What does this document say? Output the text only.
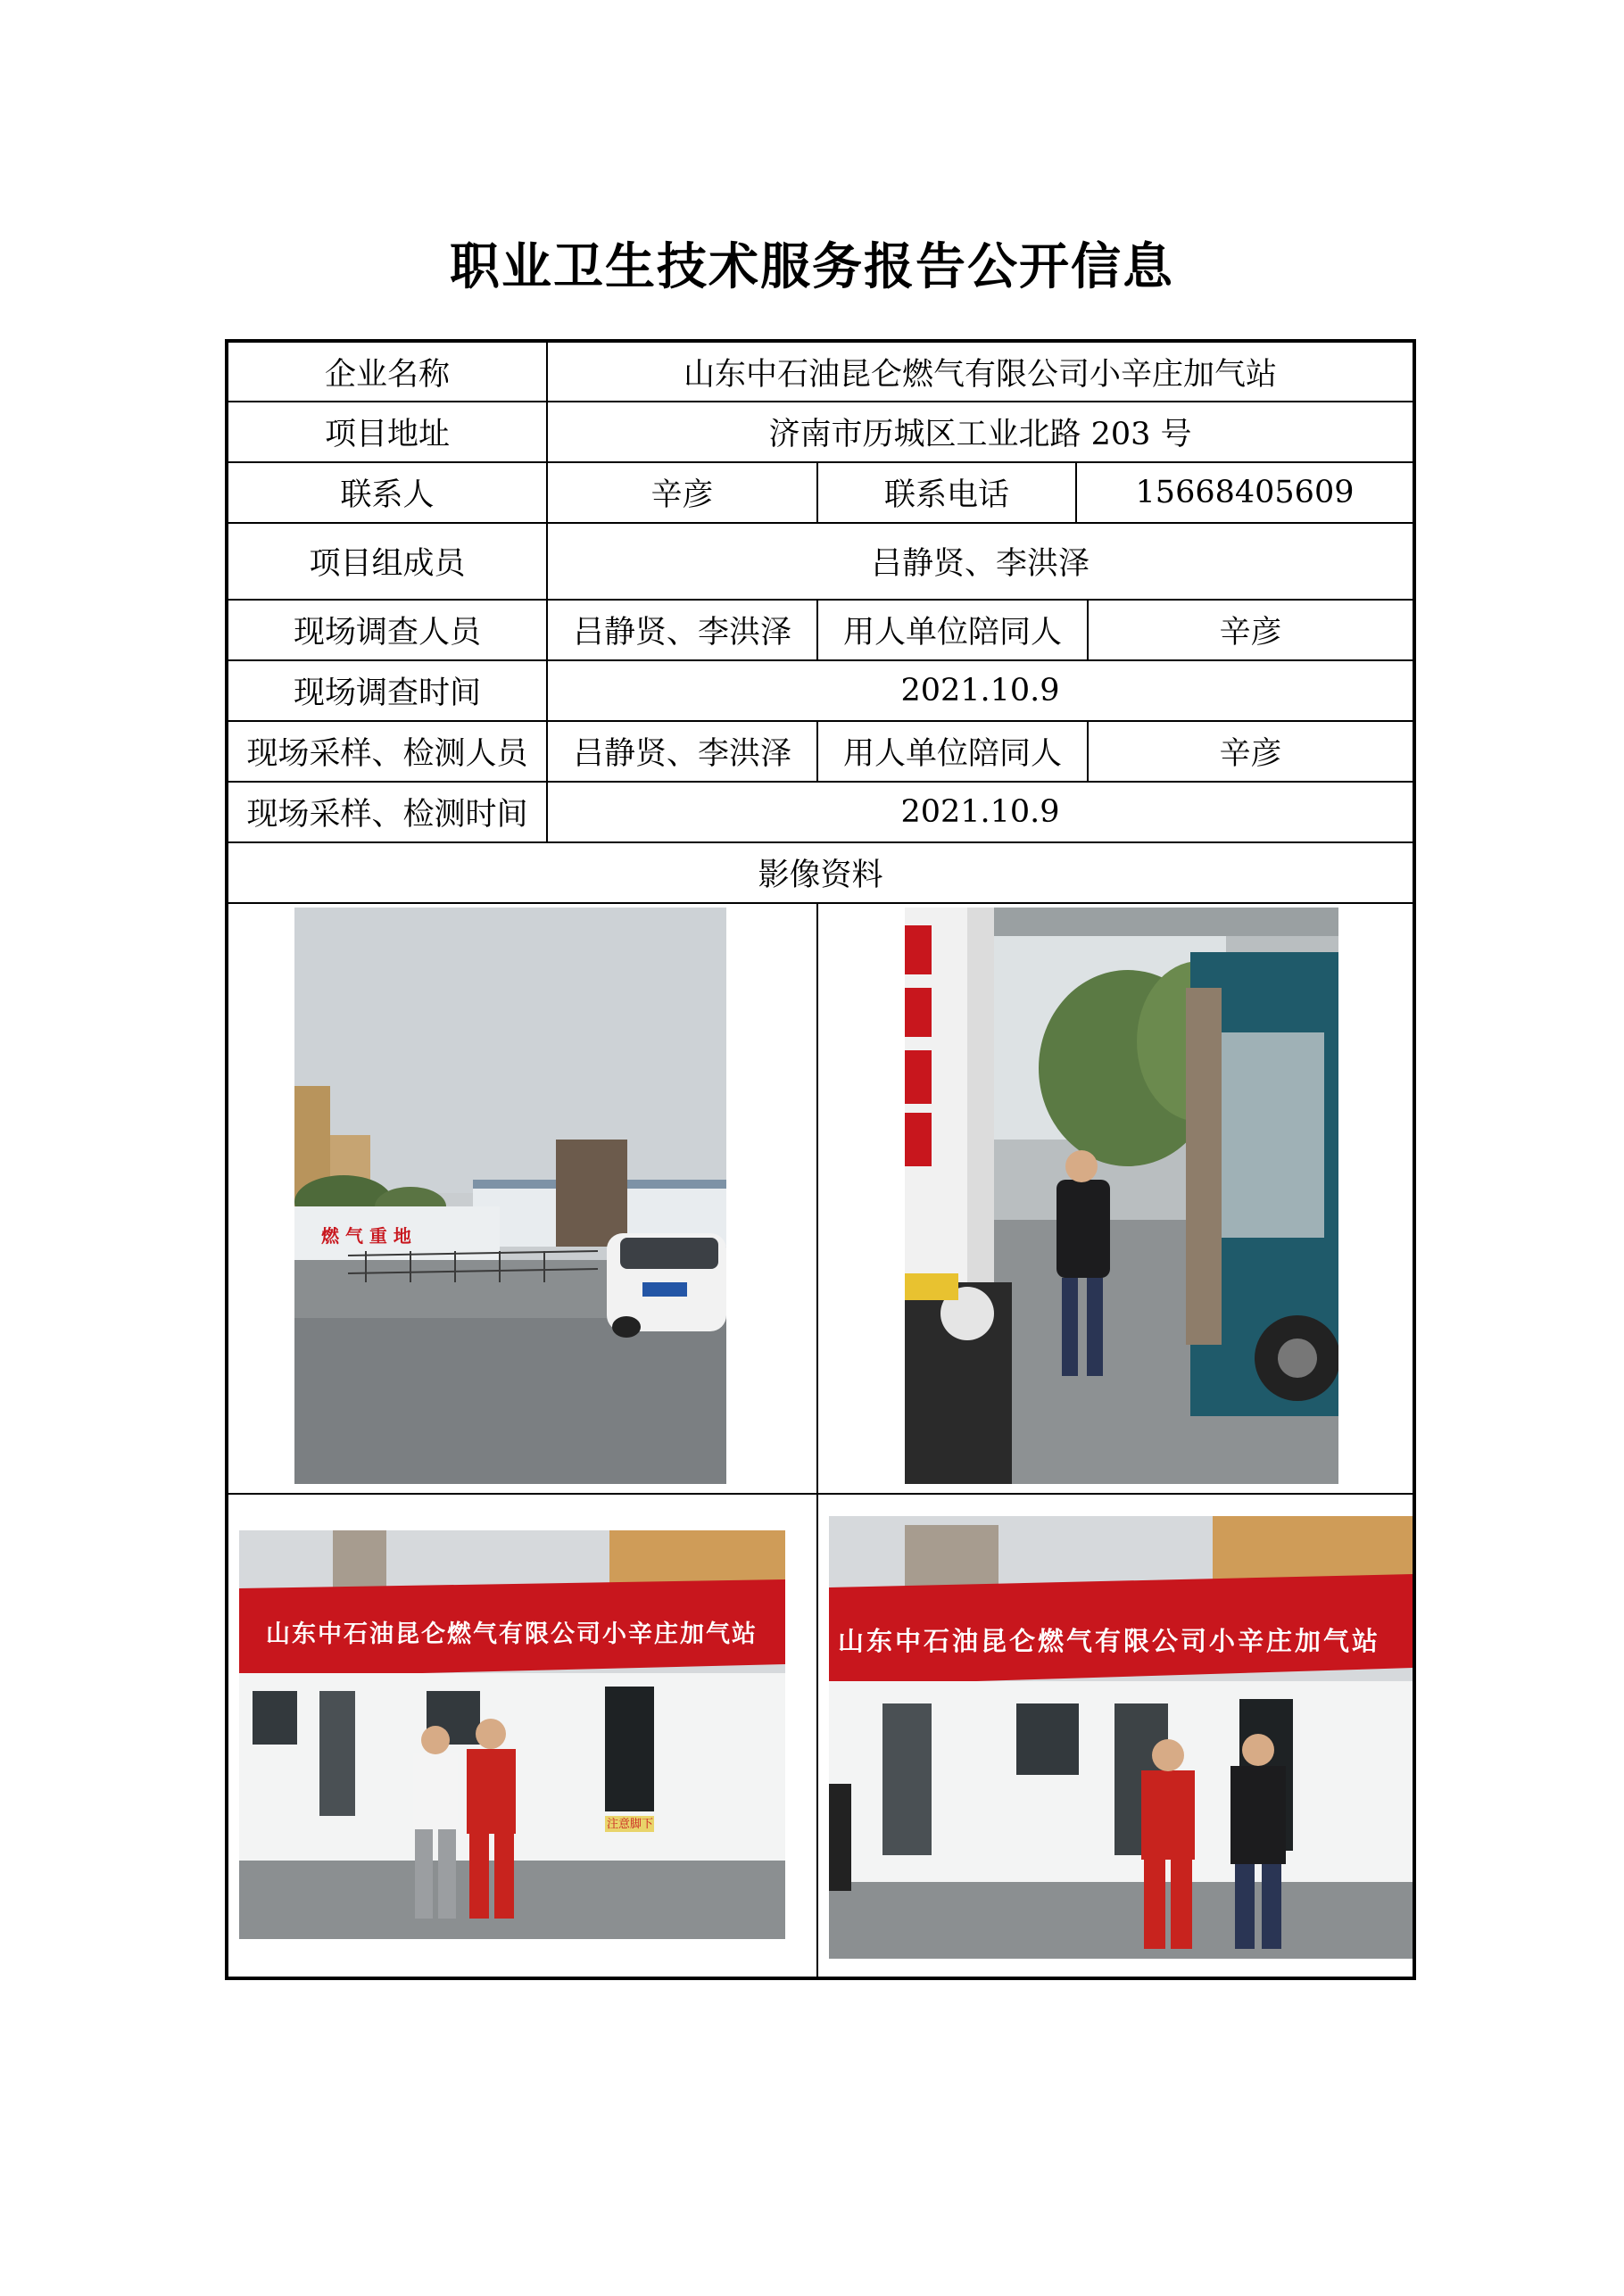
职业卫生技术服务报告公开信息
企业名称	山东中石油昆仑燃气有限公司小辛庄加气站			
项目地址	济南市历城区工业北路 203 号			
联系人	辛彦	联系电话	15668405609	
项目组成员	吕静贤、李洪泽			
现场调查人员	吕静贤、李洪泽	用人单位陪同人		辛彦
现场调查时间	2021.10.9			
现场采样、检测人员	吕静贤、李洪泽	用人单位陪同人		辛彦
现场采样、检测时间	2021.10.9			
影像资料				

燃 气 重 地

山东中石油昆仑燃气有限公司小辛庄加气站
注意脚下		山东中石油昆仑燃气有限公司小辛庄加气站		
